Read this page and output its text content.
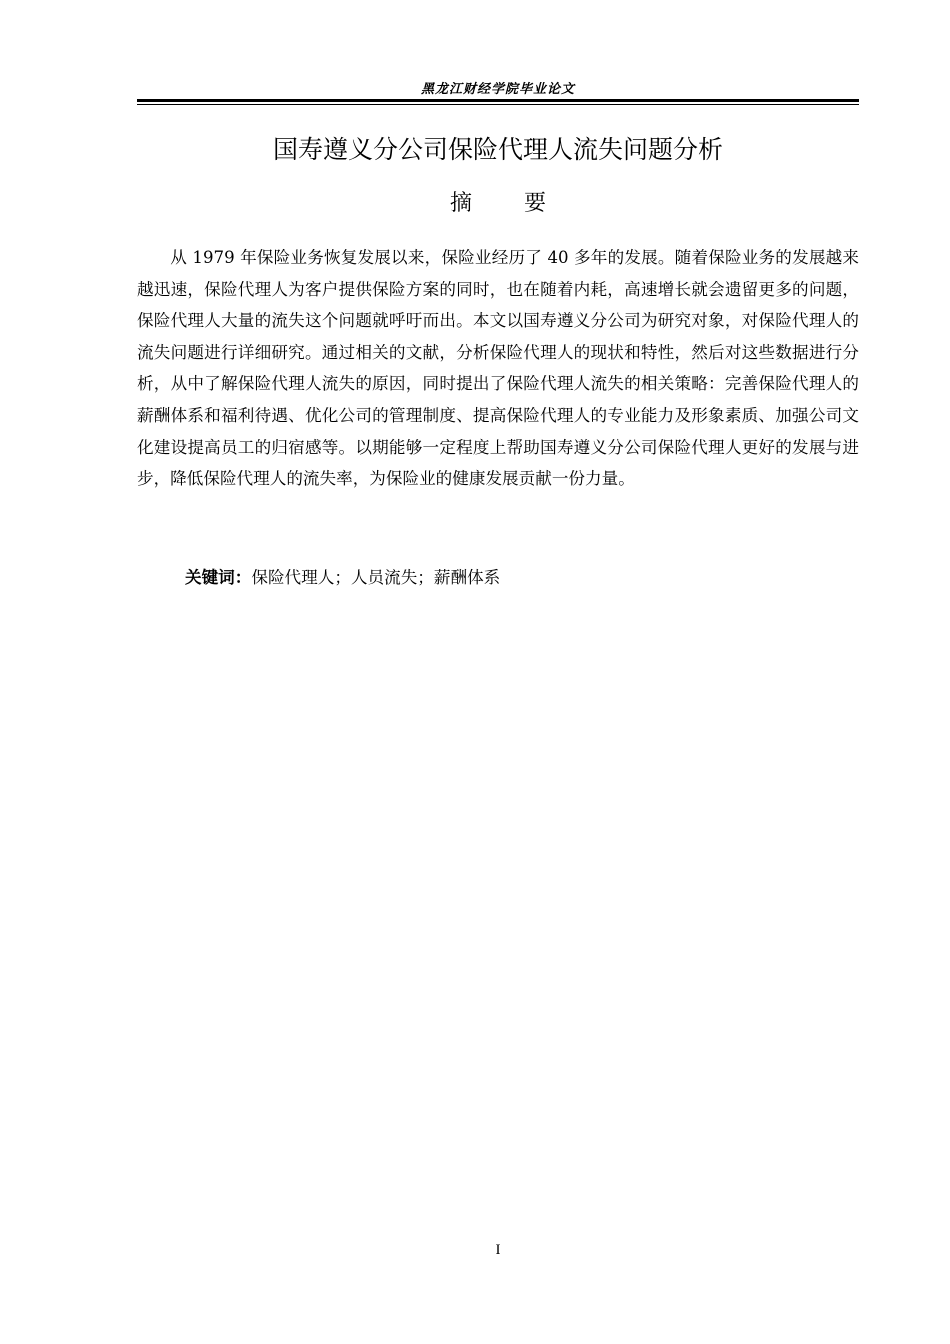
黑龙江财经学院毕业论文
国寿遵义分公司保险代理人流失问题分析
摘 要
从 1979 年保险业务恢复发展以来，保险业经历了 40 多年的发展。随着保险业务的发展越来越迅速，保险代理人为客户提供保险方案的同时，也在随着内耗，高速增长就会遗留更多的问题，保险代理人大量的流失这个问题就呼吁而出。本文以国寿遵义分公司为研究对象，对保险代理人的流失问题进行详细研究。通过相关的文献，分析保险代理人的现状和特性，然后对这些数据进行分析，从中了解保险代理人流失的原因，同时提出了保险代理人流失的相关策略：完善保险代理人的薪酬体系和福利待遇、优化公司的管理制度、提高保险代理人的专业能力及形象素质、加强公司文化建设提高员工的归宿感等。以期能够一定程度上帮助国寿遵义分公司保险代理人更好的发展与进步，降低保险代理人的流失率，为保险业的健康发展贡献一份力量。
关键词：保险代理人；人员流失；薪酬体系
I
